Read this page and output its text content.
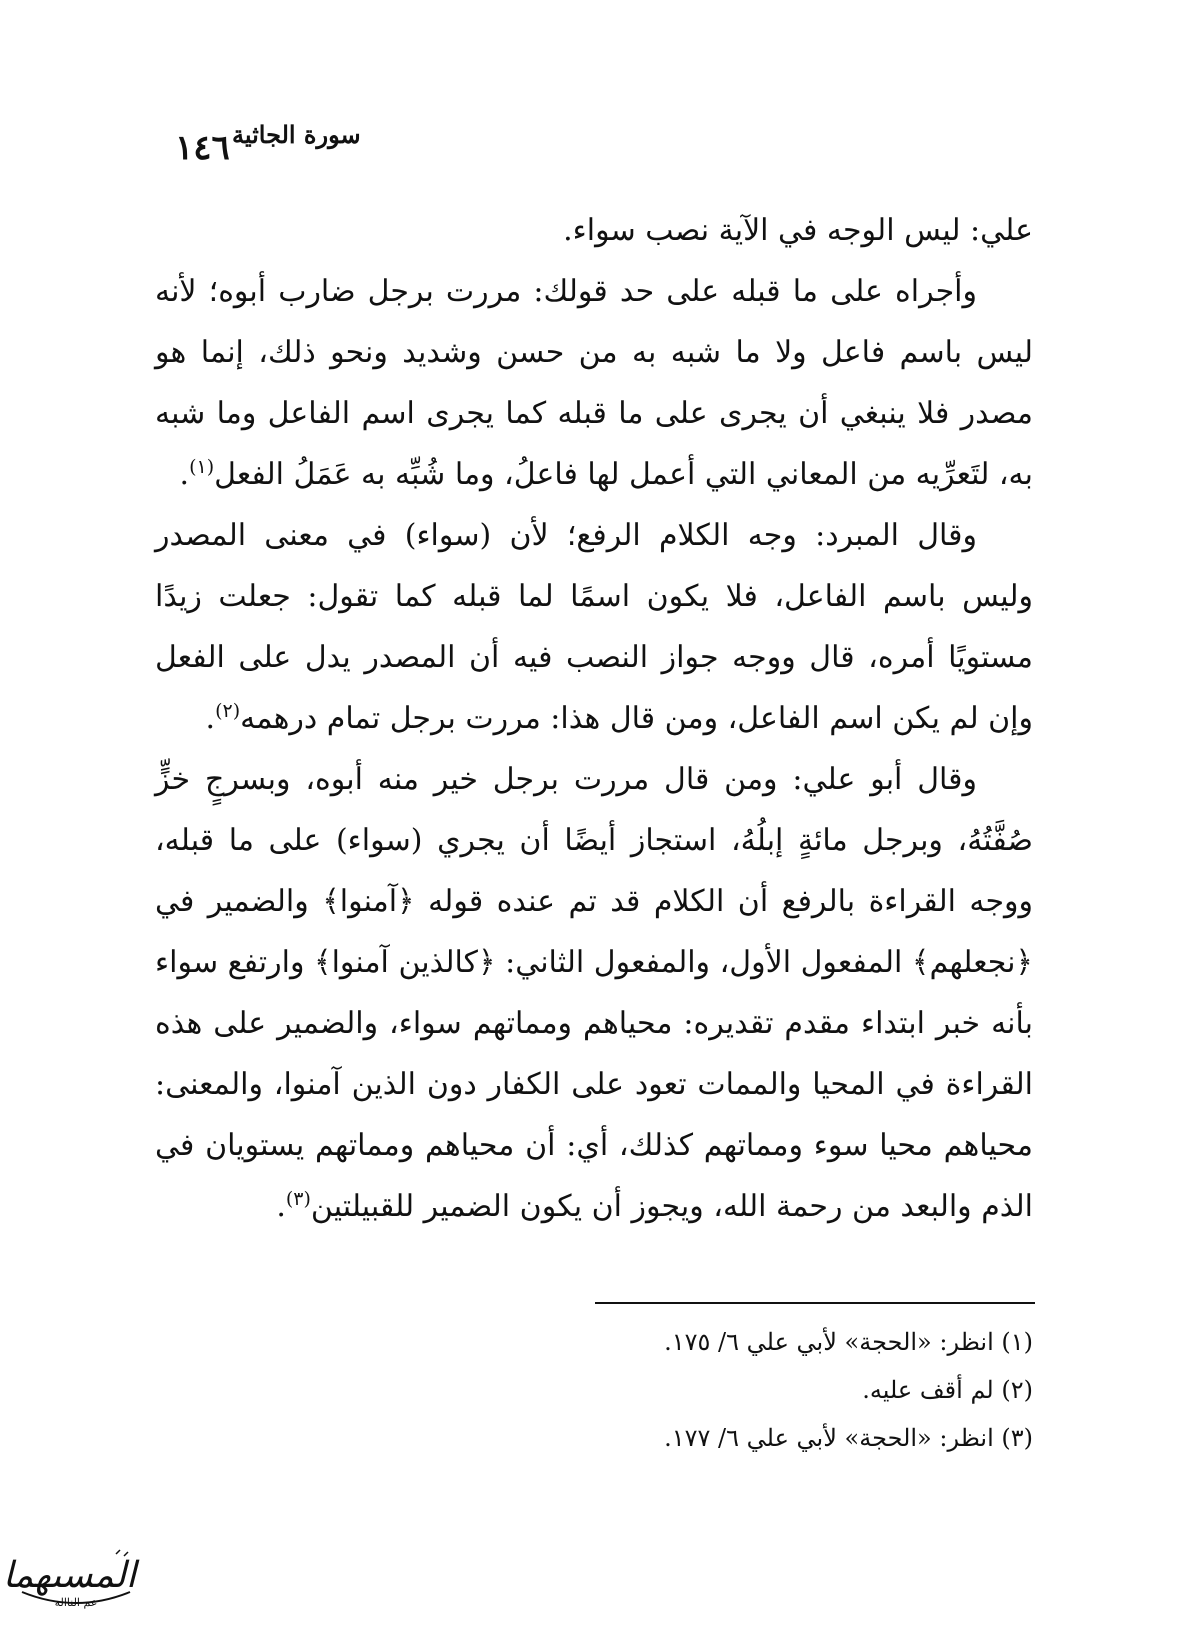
١٤٦ سورة الجاثية

علي: ليس الوجه في الآية نصب سواء.

وأجراه على ما قبله على حد قولك: مررت برجل ضارب أبوه؛ لأنه ليس باسم فاعل ولا ما شبه به من حسن وشديد ونحو ذلك، إنما هو مصدر فلا ينبغي أن يجرى على ما قبله كما يجرى اسم الفاعل وما شبه به، لتَعرِّيه من المعاني التي أعمل لها فاعلُ، وما شُبِّه به عَمَلُ الفعل$^{(١)}$.

وقال المبرد: وجه الكلام الرفع؛ لأن (سواء) في معنى المصدر وليس باسم الفاعل، فلا يكون اسمًا لما قبله كما تقول: جعلت زيدًا مستويًا أمره، قال ووجه جواز النصب فيه أن المصدر يدل على الفعل وإن لم يكن اسم الفاعل، ومن قال هذا: مررت برجل تمام درهمه$^{(٢)}$.

وقال أبو علي: ومن قال مررت برجل خير منه أبوه، وبسرجٍ خزٍّ صُفَّتُهُ، وبرجل مائةٍ إبلُهُ، استجاز أيضًا أن يجري (سواء) على ما قبله، ووجه القراءة بالرفع أن الكلام قد تم عنده قوله ﴿آمنوا﴾ والضمير في ﴿نجعلهم﴾ المفعول الأول، والمفعول الثاني: ﴿كالذين آمنوا﴾ وارتفع سواء بأنه خبر ابتداء مقدم تقديره: محياهم ومماتهم سواء، والضمير على هذه القراءة في المحيا والممات تعود على الكفار دون الذين آمنوا، والمعنى: محياهم محيا سوء ومماتهم كذلك، أي: أن محياهم ومماتهم يستويان في الذم والبعد من رحمة الله، ويجوز أن يكون الضمير للقبيلتين$^{(٣)}$.

(١) انظر: «الحجة» لأبي علي ٦/ ١٧٥.

(٢) لم أقف عليه.

(٣) انظر: «الحجة» لأبي علي ٦/ ١٧٧.

المسٮهما
عم النااله
